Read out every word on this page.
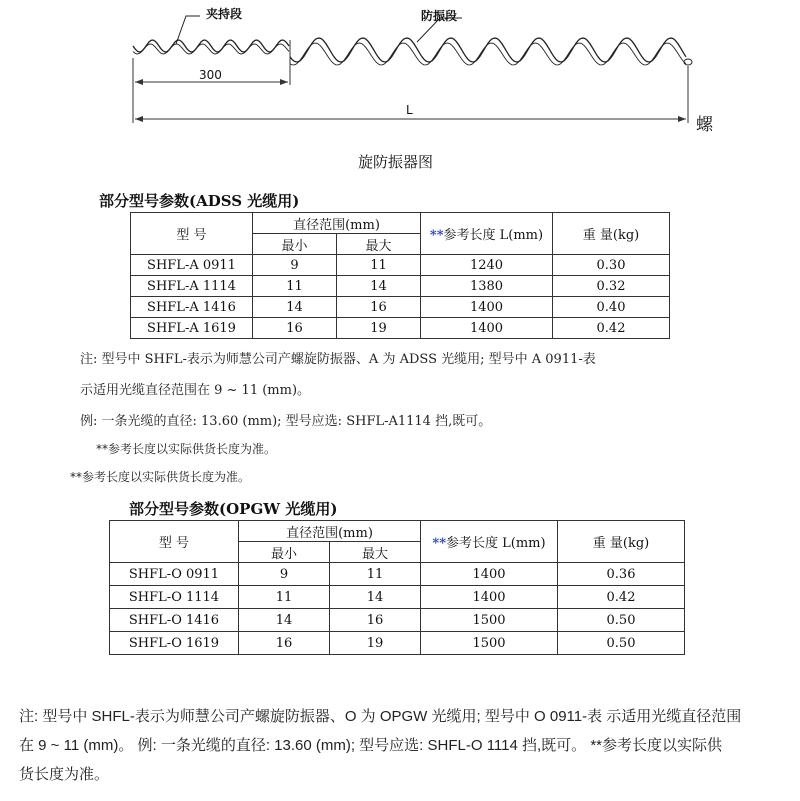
夹持段	防振段
300
L
螺
旋防振器图
部分型号参数(ADSS 光缆用)
型 号	直径范围(mm)		**参考长度 L(mm)	重 量(kg)
	最小	最大		
SHFL-A 0911	9	11	1240	0.30
SHFL-A 1114	11	14	1380	0.32
SHFL-A 1416	14	16	1400	0.40
SHFL-A 1619	16	19	1400	0.42
注: 型号中 SHFL-表示为师慧公司产螺旋防振器、A 为 ADSS 光缆用; 型号中 A 0911-表
示适用光缆直径范围在 9 ~ 11 (mm)。
例: 一条光缆的直径: 13.60 (mm); 型号应选: SHFL-A1114 挡,既可。
**参考长度以实际供货长度为准。
**参考长度以实际供货长度为准。
部分型号参数(OPGW 光缆用)
型 号	直径范围(mm)		**参考长度 L(mm)	重 量(kg)
	最小	最大		
SHFL-O 0911	9	11	1400	0.36
SHFL-O 1114	11	14	1400	0.42
SHFL-O 1416	14	16	1500	0.50
SHFL-O 1619	16	19	1500	0.50
注: 型号中 SHFL-表示为师慧公司产螺旋防振器、O 为 OPGW 光缆用; 型号中 O 0911-表 示适用光缆直径范围
在 9 ~ 11 (mm)。 例: 一条光缆的直径: 13.60 (mm); 型号应选: SHFL-O 1114 挡,既可。 **参考长度以实际供
货长度为准。
